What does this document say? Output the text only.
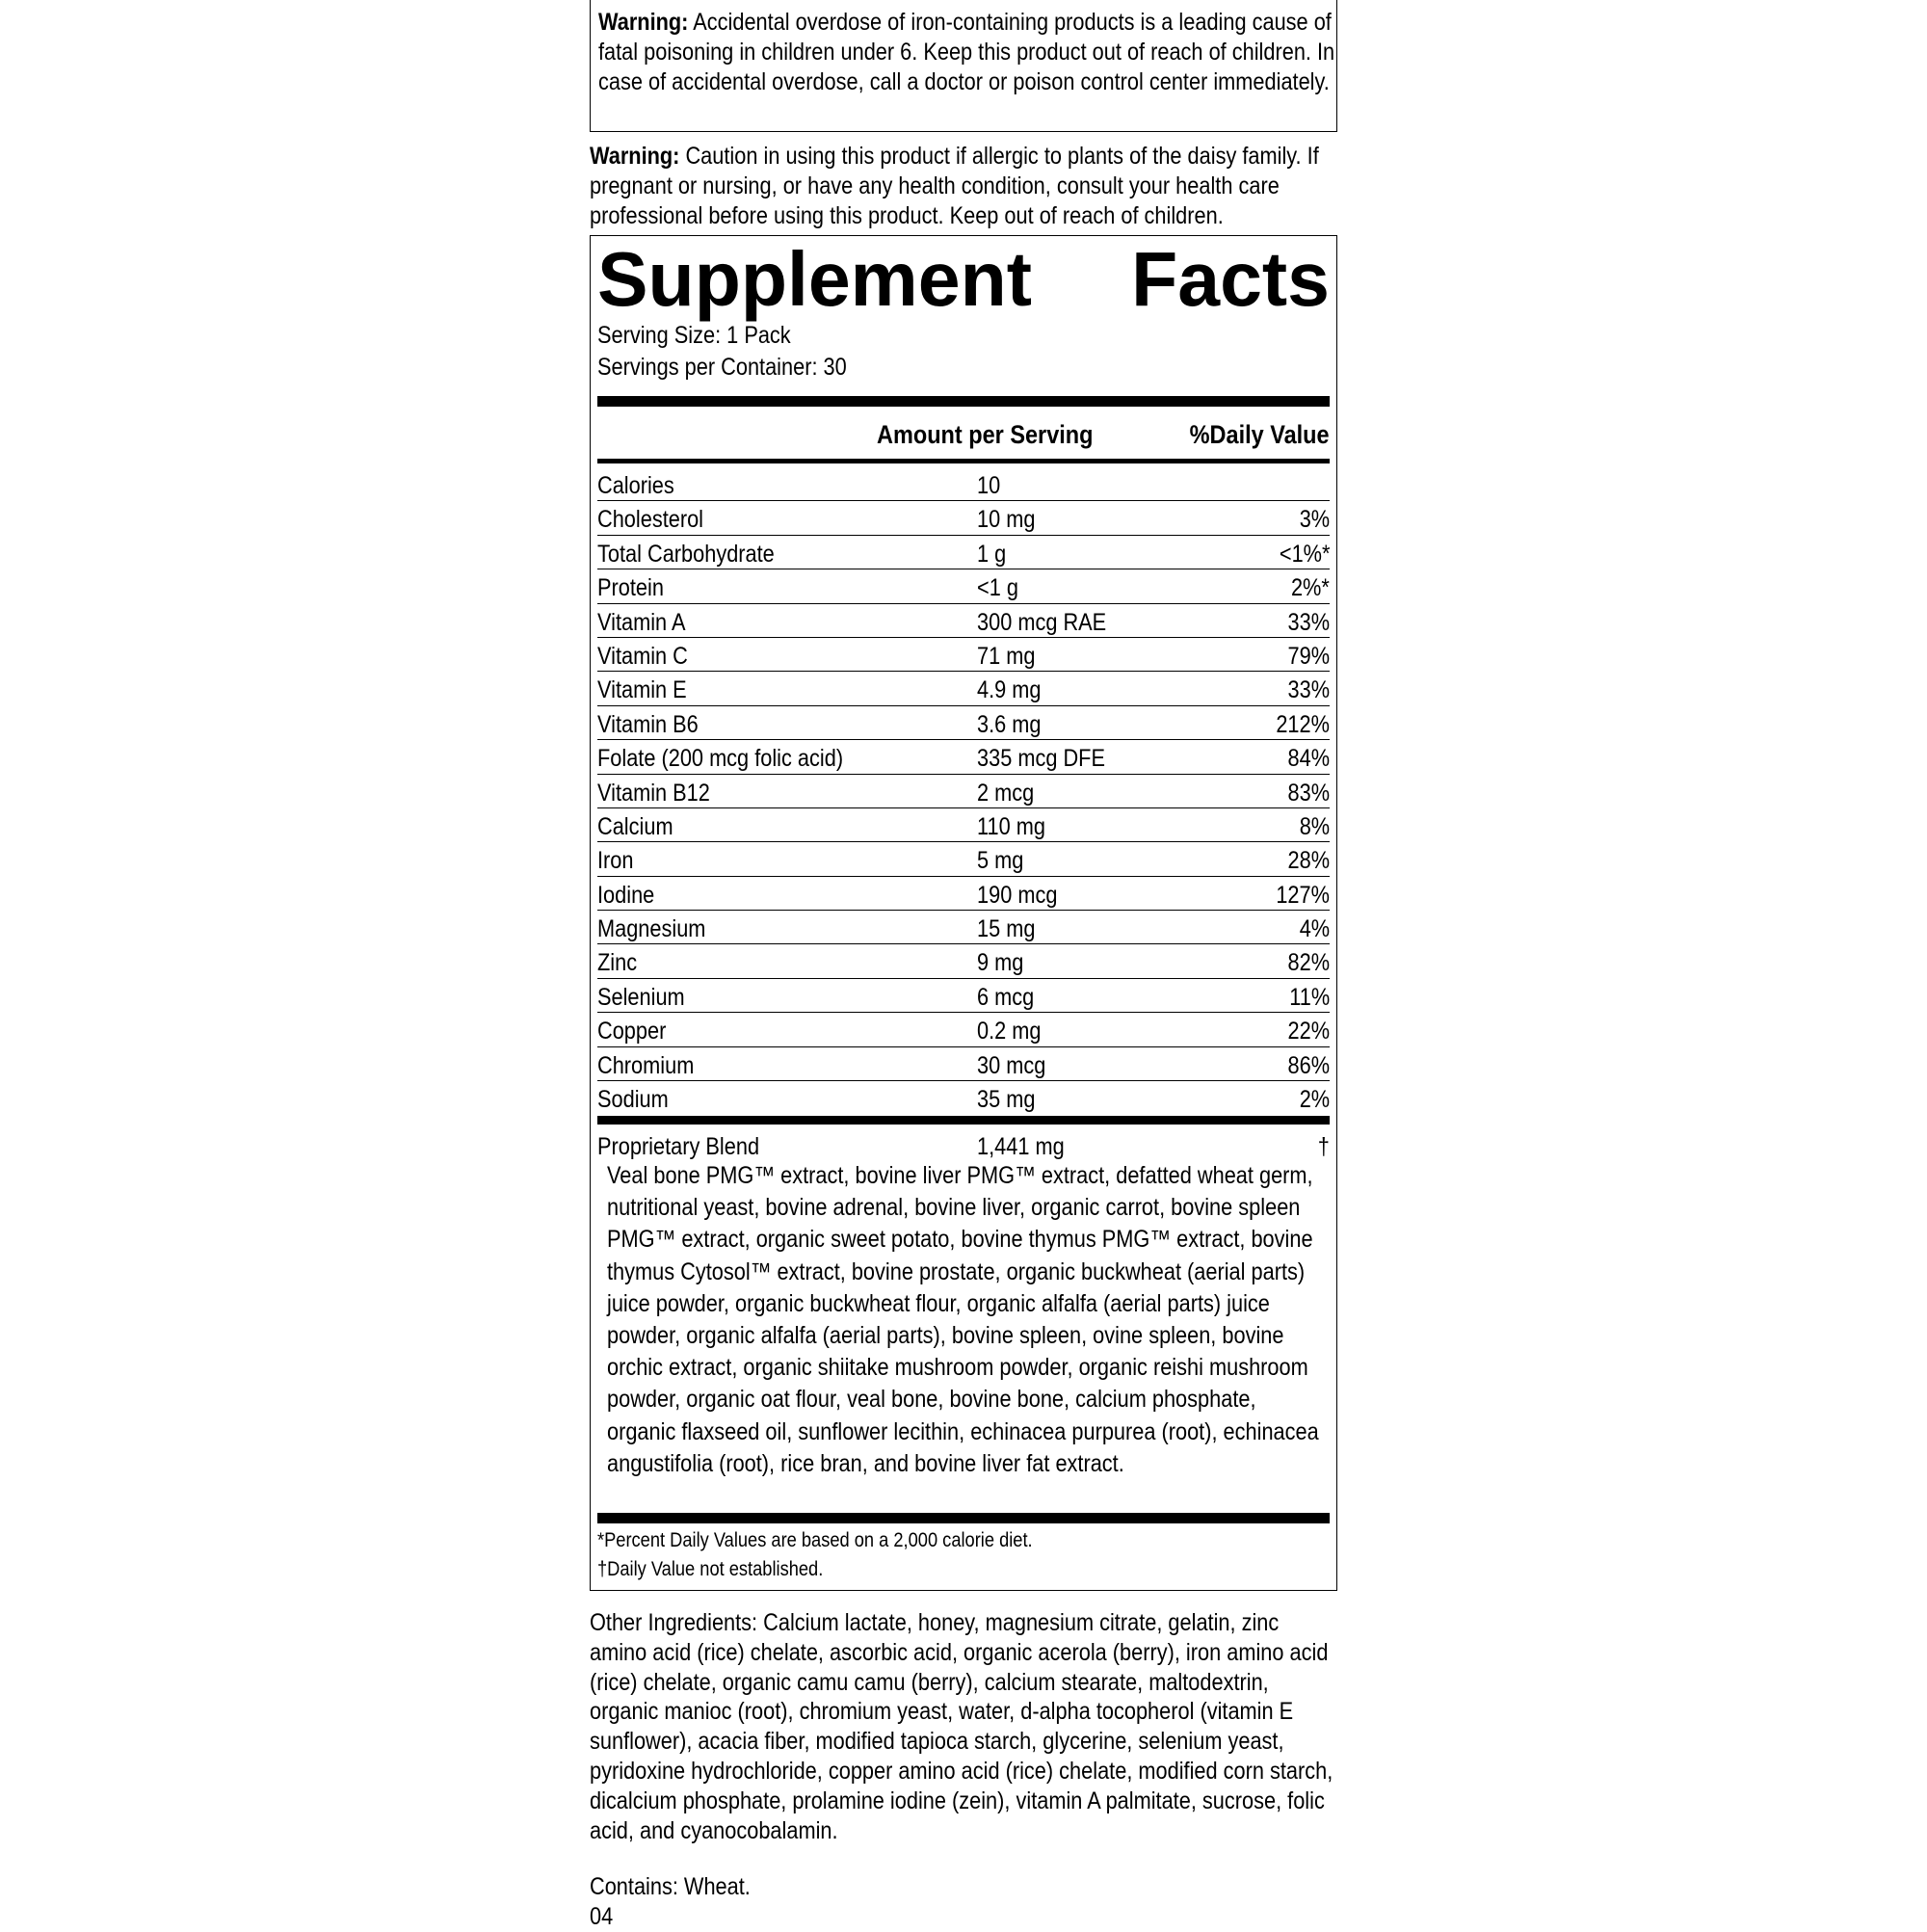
Warning: Accidental overdose of iron-containing products is a leading cause of fatal poisoning in children under 6. Keep this product out of reach of children. In case of accidental overdose, call a doctor or poison control center immediately.
Warning: Caution in using this product if allergic to plants of the daisy family. If pregnant or nursing, or have any health condition, consult your health care professional before using this product. Keep out of reach of children.
Supplement Facts
Serving Size: 1 Pack
Servings per Container: 30
Amount per Serving	%Daily Value
Calories	10
Cholesterol	10 mg	3%
Total Carbohydrate	1 g	<1%*
Protein	<1 g	2%*
Vitamin A	300 mcg RAE	33%
Vitamin C	71 mg	79%
Vitamin E	4.9 mg	33%
Vitamin B6	3.6 mg	212%
Folate (200 mcg folic acid)	335 mcg DFE	84%
Vitamin B12	2 mcg	83%
Calcium	110 mg	8%
Iron	5 mg	28%
Iodine	190 mcg	127%
Magnesium	15 mg	4%
Zinc	9 mg	82%
Selenium	6 mcg	11%
Copper	0.2 mg	22%
Chromium	30 mcg	86%
Sodium	35 mg	2%
Proprietary Blend	1,441 mg	†
Veal bone PMG™ extract, bovine liver PMG™ extract, defatted wheat germ, nutritional yeast, bovine adrenal, bovine liver, organic carrot, bovine spleen PMG™ extract, organic sweet potato, bovine thymus PMG™ extract, bovine thymus Cytosol™ extract, bovine prostate, organic buckwheat (aerial parts) juice powder, organic buckwheat flour, organic alfalfa (aerial parts) juice powder, organic alfalfa (aerial parts), bovine spleen, ovine spleen, bovine orchic extract, organic shiitake mushroom powder, organic reishi mushroom powder, organic oat flour, veal bone, bovine bone, calcium phosphate, organic flaxseed oil, sunflower lecithin, echinacea purpurea (root), echinacea angustifolia (root), rice bran, and bovine liver fat extract.
*Percent Daily Values are based on a 2,000 calorie diet.
†Daily Value not established.
Other Ingredients: Calcium lactate, honey, magnesium citrate, gelatin, zinc amino acid (rice) chelate, ascorbic acid, organic acerola (berry), iron amino acid (rice) chelate, organic camu camu (berry), calcium stearate, maltodextrin, organic manioc (root), chromium yeast, water, d-alpha tocopherol (vitamin E sunflower), acacia fiber, modified tapioca starch, glycerine, selenium yeast, pyridoxine hydrochloride, copper amino acid (rice) chelate, modified corn starch, dicalcium phosphate, prolamine iodine (zein), vitamin A palmitate, sucrose, folic acid, and cyanocobalamin.
Contains: Wheat.
04
